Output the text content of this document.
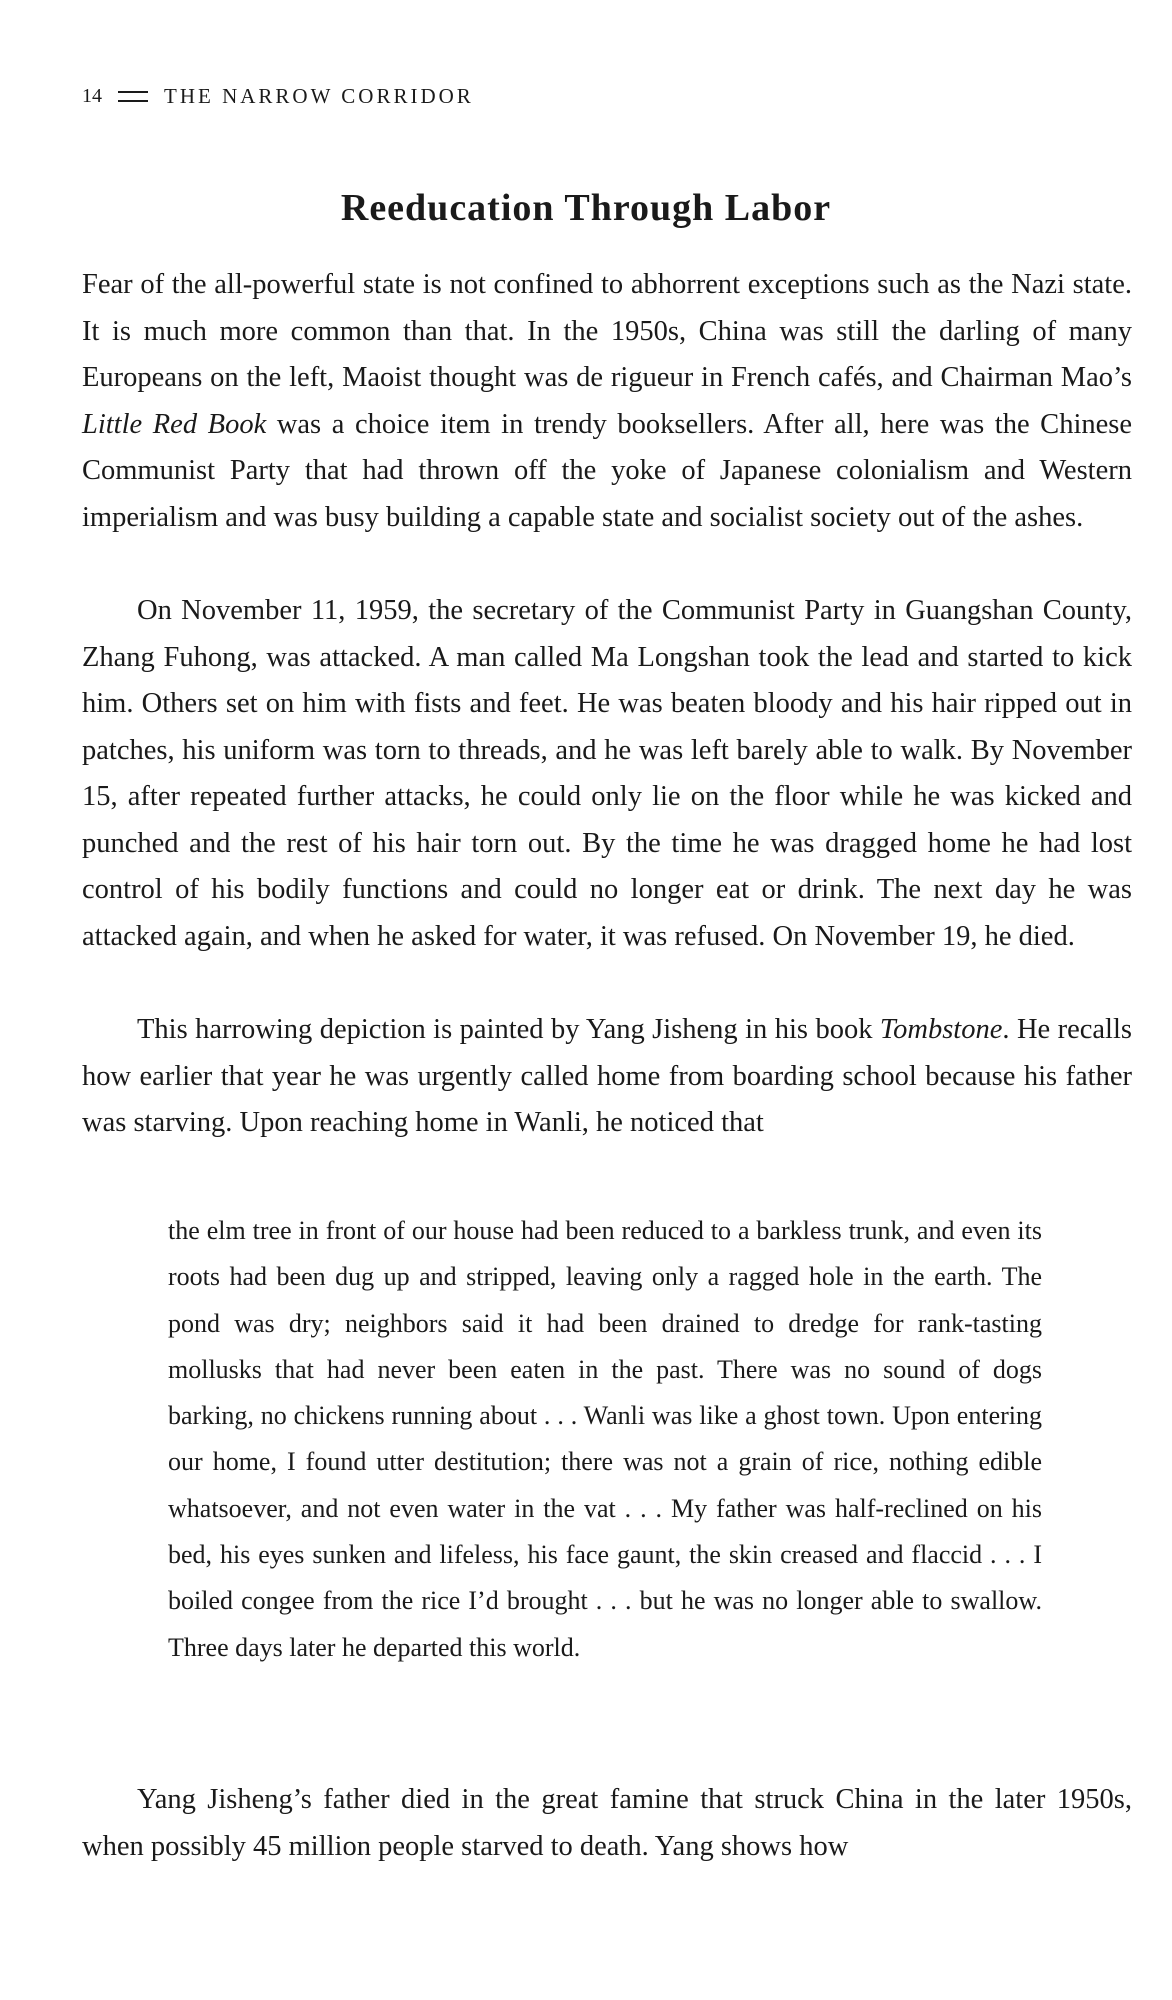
14	THE NARROW CORRIDOR
Reeducation Through Labor

Fear of the all-powerful state is not confined to abhorrent exceptions such as the Nazi state. It is much more common than that. In the 1950s, China was still the darling of many Europeans on the left, Maoist thought was de rigueur in French cafés, and Chairman Mao’s Little Red Book was a choice item in trendy booksellers. After all, here was the Chinese Communist Party that had thrown off the yoke of Japanese colonialism and Western imperialism and was busy building a capable state and socialist society out of the ashes.

On November 11, 1959, the secretary of the Communist Party in Guangshan County, Zhang Fuhong, was attacked. A man called Ma Longshan took the lead and started to kick him. Others set on him with fists and feet. He was beaten bloody and his hair ripped out in patches, his uniform was torn to threads, and he was left barely able to walk. By November 15, after repeated further attacks, he could only lie on the floor while he was kicked and punched and the rest of his hair torn out. By the time he was dragged home he had lost control of his bodily functions and could no longer eat or drink. The next day he was attacked again, and when he asked for water, it was refused. On November 19, he died.

This harrowing depiction is painted by Yang Jisheng in his book Tombstone. He recalls how earlier that year he was urgently called home from boarding school because his father was starving. Upon reaching home in Wanli, he noticed that

the elm tree in front of our house had been reduced to a barkless trunk, and even its roots had been dug up and stripped, leaving only a ragged hole in the earth. The pond was dry; neighbors said it had been drained to dredge for rank-tasting mollusks that had never been eaten in the past. There was no sound of dogs barking, no chickens running about . . . Wanli was like a ghost town. Upon entering our home, I found utter destitution; there was not a grain of rice, nothing edible whatsoever, and not even water in the vat . . . My father was half-reclined on his bed, his eyes sunken and lifeless, his face gaunt, the skin creased and flaccid . . . I boiled congee from the rice I’d brought . . . but he was no longer able to swallow. Three days later he departed this world.

Yang Jisheng’s father died in the great famine that struck China in the later 1950s, when possibly 45 million people starved to death. Yang shows how
